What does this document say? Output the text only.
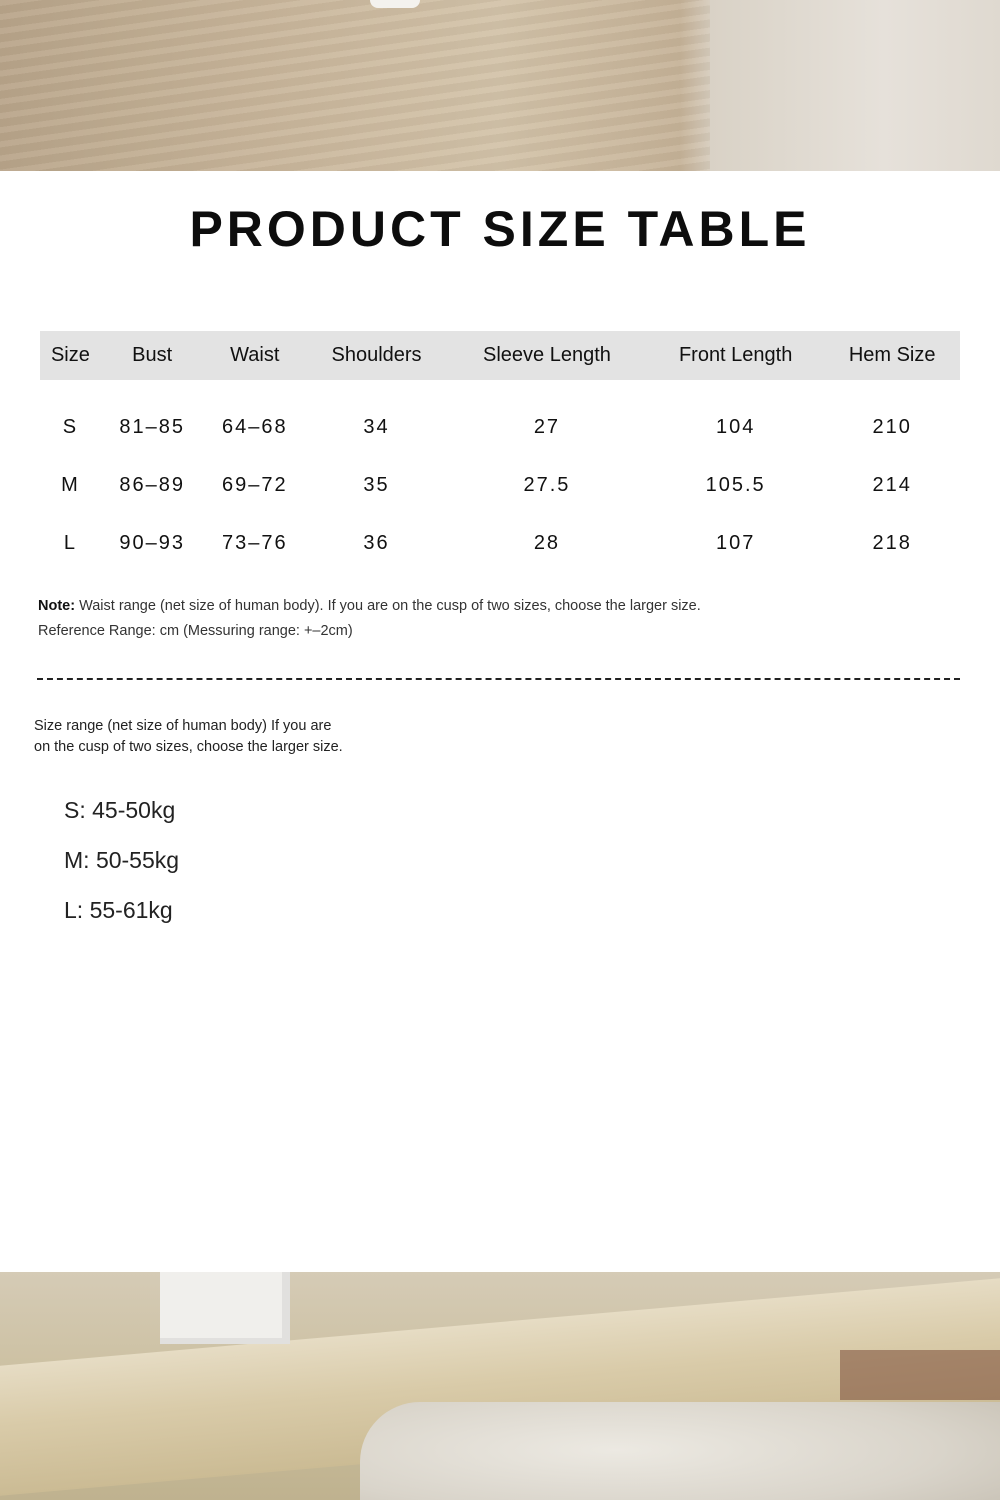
PRODUCT SIZE TABLE
Size	Bust	Waist	Shoulders	Sleeve Length	Front Length	Hem Size
S	81–85	64–68	34	27	104	210
M	86–89	69–72	35	27.5	105.5	214
L	90–93	73–76	36	28	107	218
Note: Waist range (net size of human body). If you are on the cusp of two sizes, choose the larger size.
Reference Range: cm (Messuring range: +–2cm)
Size range (net size of human body) If you are
on the cusp of two sizes, choose the larger size.
S: 45-50kg
M: 50-55kg
L: 55-61kg
